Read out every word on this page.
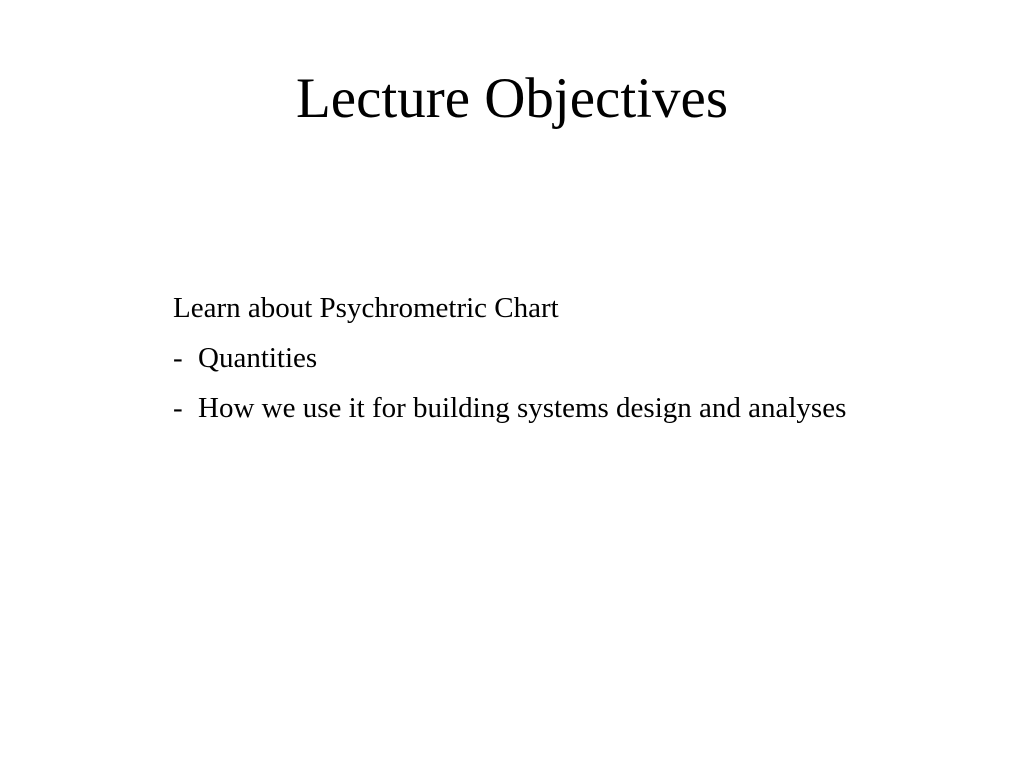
Lecture Objectives
Learn about Psychrometric Chart
- Quantities
- How we use it for building systems design and analyses
